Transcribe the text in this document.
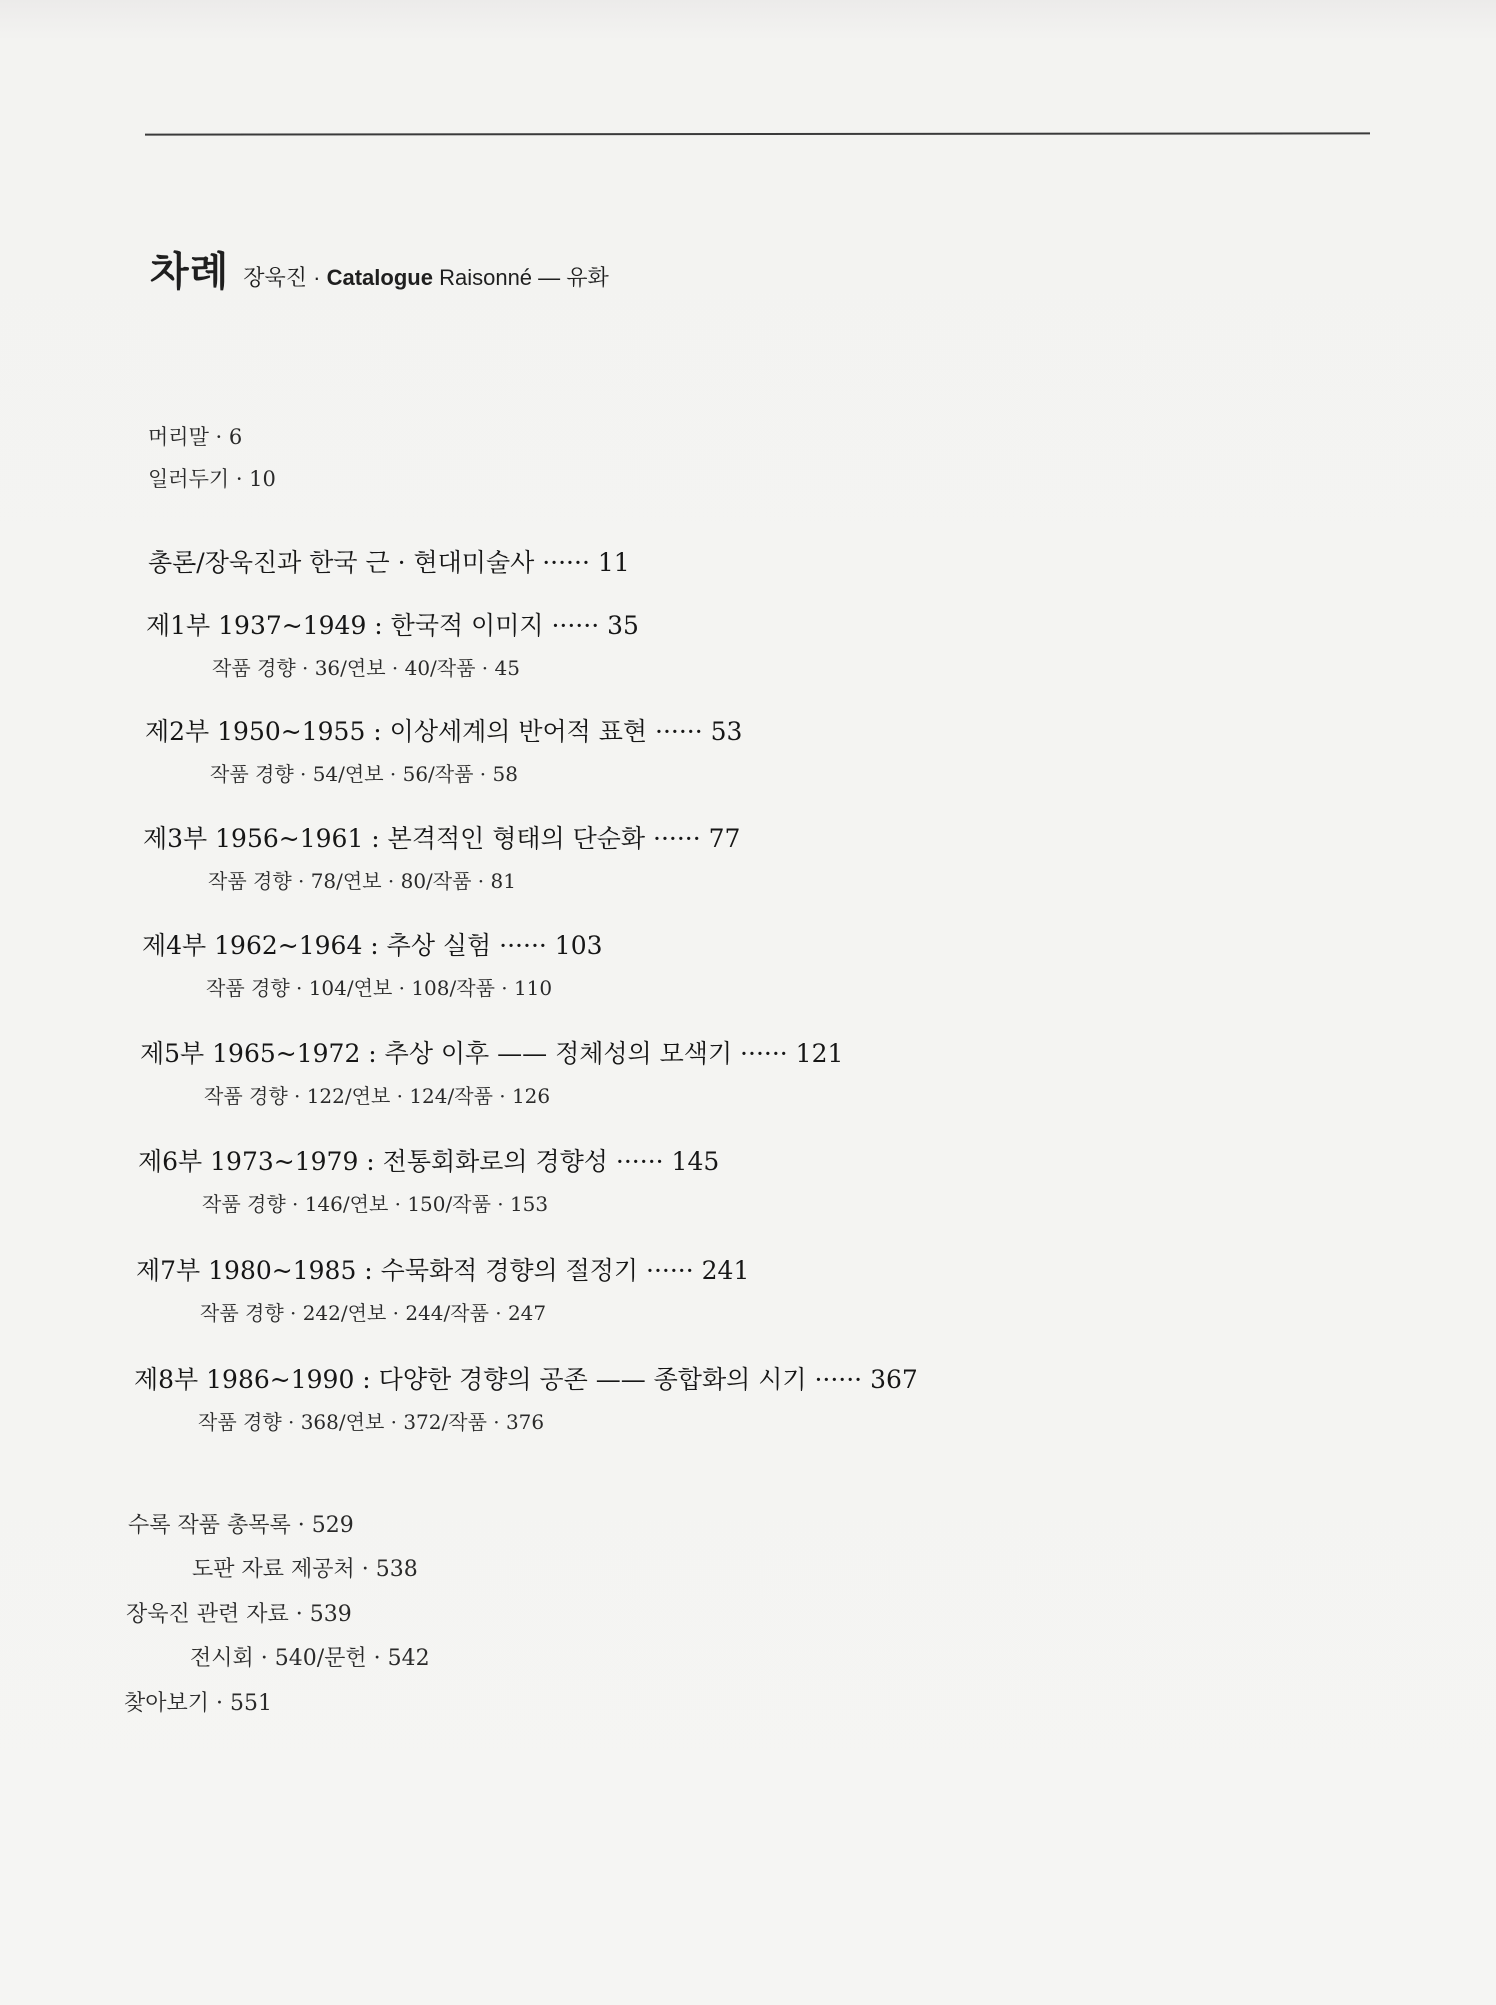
차례 장욱진 · Catalogue Raisonné — 유화
머리말 · 6
일러두기 · 10
총론/장욱진과 한국 근 · 현대미술사 ······ 11
제1부 1937~1949 : 한국적 이미지 ······ 35
작품 경향 · 36/연보 · 40/작품 · 45
제2부 1950~1955 : 이상세계의 반어적 표현 ······ 53
작품 경향 · 54/연보 · 56/작품 · 58
제3부 1956~1961 : 본격적인 형태의 단순화 ······ 77
작품 경향 · 78/연보 · 80/작품 · 81
제4부 1962~1964 : 추상 실험 ······ 103
작품 경향 · 104/연보 · 108/작품 · 110
제5부 1965~1972 : 추상 이후 —— 정체성의 모색기 ······ 121
작품 경향 · 122/연보 · 124/작품 · 126
제6부 1973~1979 : 전통회화로의 경향성 ······ 145
작품 경향 · 146/연보 · 150/작품 · 153
제7부 1980~1985 : 수묵화적 경향의 절정기 ······ 241
작품 경향 · 242/연보 · 244/작품 · 247
제8부 1986~1990 : 다양한 경향의 공존 —— 종합화의 시기 ······ 367
작품 경향 · 368/연보 · 372/작품 · 376
수록 작품 총목록 · 529
도판 자료 제공처 · 538
장욱진 관련 자료 · 539
전시회 · 540/문헌 · 542
찾아보기 · 551
